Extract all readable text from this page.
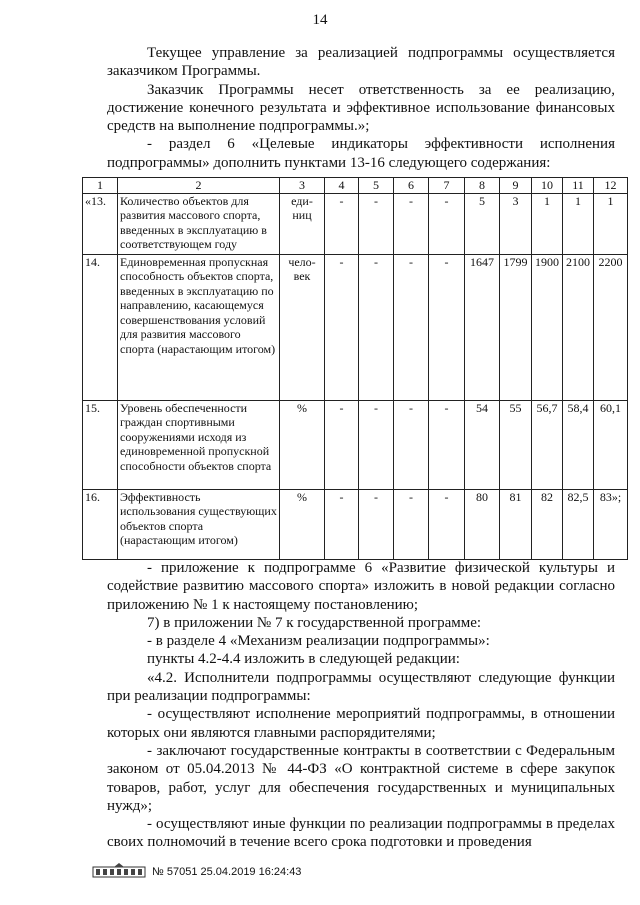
14

Текущее управление за реализацией подпрограммы осуществляется заказчиком Программы.

Заказчик Программы несет ответственность за ее реализацию, достижение конечного результата и эффективное использование финансовых средств на выполнение подпрограммы.»;

- раздел 6 «Целевые индикаторы эффективности исполнения подпрограммы» дополнить пунктами 13-16 следующего содержания:

1	2	3	4	5	6	7	8	9	10	11	12
«13.	Количество объектов для развития массового спорта, введенных в эксплуатацию в соответствующем году	еди- ниц	-	-	-	-	5	3	1	1	1
14.	Единовременная пропускная способность объектов спорта, введенных в эксплуатацию по направлению, касающемуся совершенствования условий для развития массового спорта (нарастающим итогом)	чело- век	-	-	-	-	1647	1799	1900	2100	2200
15.	Уровень обеспеченности граждан спортивными сооружениями исходя из единовременной пропускной способности объектов спорта	%	-	-	-	-	54	55	56,7	58,4	60,1
16.	Эффективность использования существующих объектов спорта (нарастающим итогом)	%	-	-	-	-	80	81	82	82,5	83»;

- приложение к подпрограмме 6 «Развитие физической культуры и содействие развитию массового спорта» изложить в новой редакции согласно приложению № 1 к настоящему постановлению;

7) в приложении № 7 к государственной программе:

- в разделе 4 «Механизм реализации подпрограммы»:

пункты 4.2-4.4 изложить в следующей редакции:

«4.2. Исполнители подпрограммы осуществляют следующие функции при реализации подпрограммы:

- осуществляют исполнение мероприятий подпрограммы, в отношении которых они являются главными распорядителями;

- заключают государственные контракты в соответствии с Федеральным законом от 05.04.2013 № 44-ФЗ «О контрактной системе в сфере закупок товаров, работ, услуг для обеспечения государственных и муниципальных нужд»;

- осуществляют иные функции по реализации подпрограммы в пределах своих полномочий в течение всего срока подготовки и проведения

№ 57051 25.04.2019 16:24:43
